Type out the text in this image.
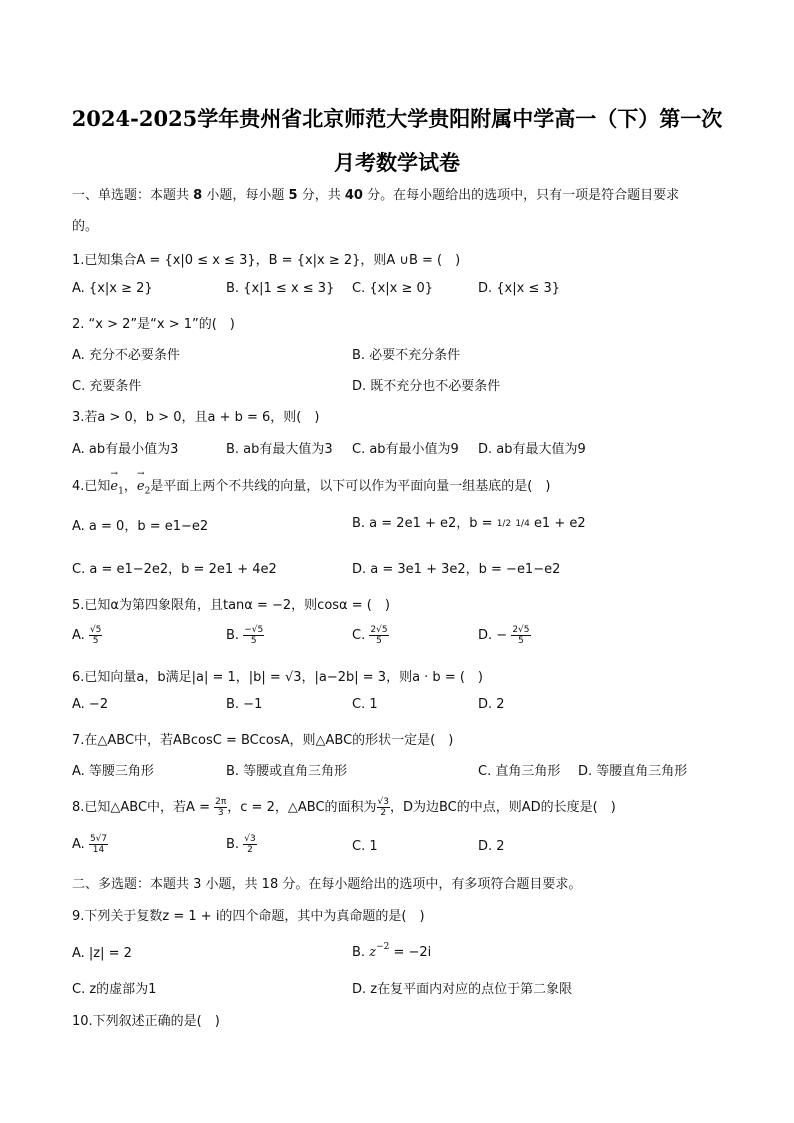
2024-2025学年贵州省北京师范大学贵阳附属中学高一（下）第一次
月考数学试卷
一、单选题：本题共 8 小题，每小题 5 分，共 40 分。在每小题给出的选项中，只有一项是符合题目要求
的。
1.已知集合A = {x|0 ≤ x ≤ 3}，B = {x|x ≥ 2}，则A ∪B = (　)
A. {x|x ≥ 2}	B. {x|1 ≤ x ≤ 3} C. {x|x ≥ 0}	D. {x|x ≤ 3}
2. “x > 2”是“x > 1”的(　)
A. 充分不必要条件	B. 必要不充分条件
C. 充要条件	D. 既不充分也不必要条件
3.若a > 0，b > 0，且a + b = 6，则(　)
A. ab有最小值为3	B. ab有最大值为3 C. ab有最小值为9 D. ab有最大值为9
4.已知→ $e_1$，→ $e_2$是平面上两个不共线的向量，以下可以作为平面向量一组基底的是(　)
A. a = 0，b = e1−e2	B. a = 2e1 + e2，b = 1/2 1/4 e1 + e2
C. a = e1−2e2，b = 2e1 + 4e2	D. a = 3e1 + 3e2，b = −e1−e2
5.已知α为第四象限角，且tanα = −2，则cosα = (　)
A. $\frac{√5}{5}$	B. $\frac{-√5}{5}$	C. $\frac{2√5}{5}$	D. − $\frac{2√5}{5}$
6.已知向量a，b满足|a| = 1，|b| = √3，|a−2b| = 3，则a · b = (　)
A. −2	B. −1	C. 1	D. 2
7.在△ABC中，若ABcosC = BCcosA，则△ABC的形状一定是(　)
A. 等腰三角形	B. 等腰或直角三角形	C. 直角三角形 D. 等腰直角三角形
8.已知△ABC中，若$A = \frac{2\pi}{3}$ ，c = 2，△ABC的面积为 $\frac{√3}{2}$ ，D为边BC的中点，则AD的长度是(　)
A. $\frac{5√7}{14}$	B. $\frac{√3}{2}$	C. 1	D. 2
二、多选题：本题共 3 小题，共 18 分。在每小题给出的选项中，有多项符合题目要求。
9.下列关于复数z = 1 + i的四个命题，其中为真命题的是(　)
A. |z| = 2	B. $z^{-2} = -2i$
C. z的虚部为1	D. z在复平面内对应的点位于第二象限
10.下列叙述正确的是(　)
